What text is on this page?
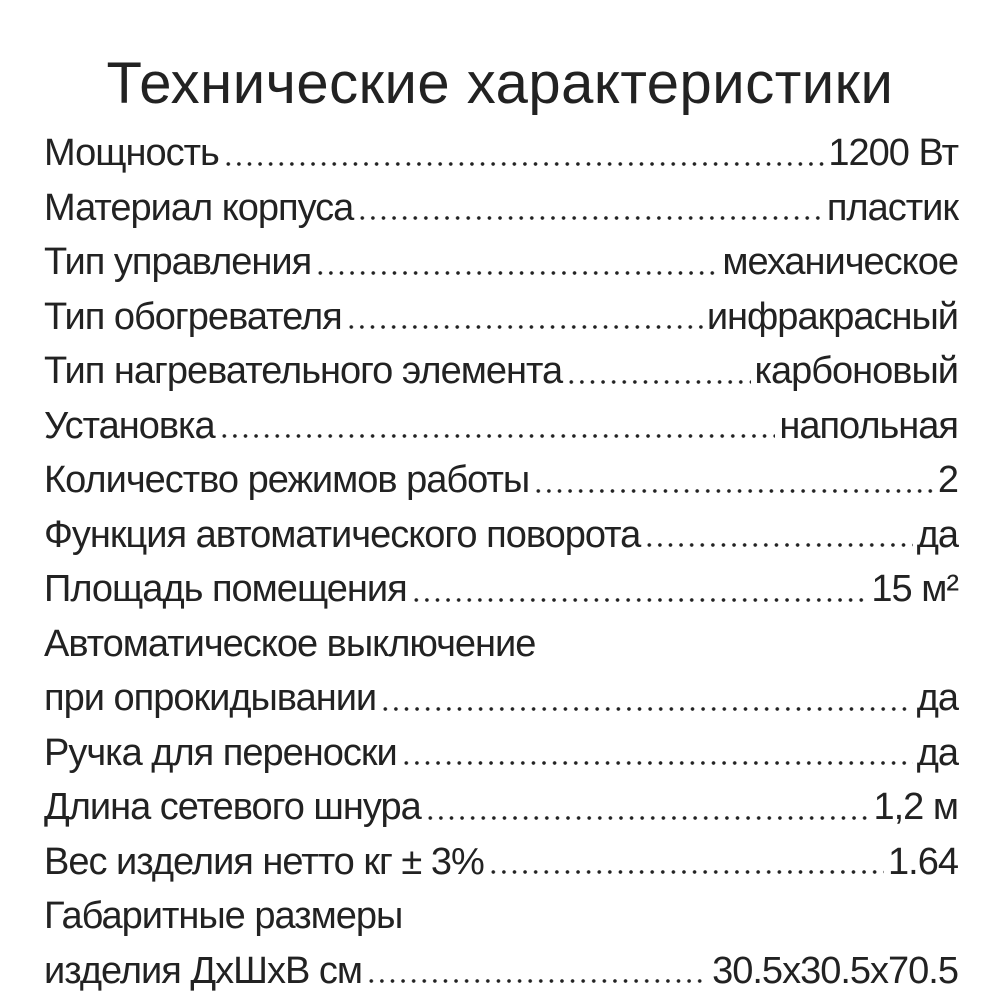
Технические характеристики
Мощность	1200 Вт
Материал корпуса	пластик
Тип управления	механическое
Тип обогревателя	инфракрасный
Тип нагревательного элемента	карбоновый
Установка	напольная
Количество режимов работы	2
Функция автоматического поворота	да
Площадь помещения	15 м²
Автоматическое выключение
при опрокидывании	да
Ручка для переноски	да
Длина сетевого шнура	1,2 м
Вес изделия нетто кг ± 3%	1.64
Габаритные размеры
изделия ДхШхВ см	30.5x30.5x70.5
